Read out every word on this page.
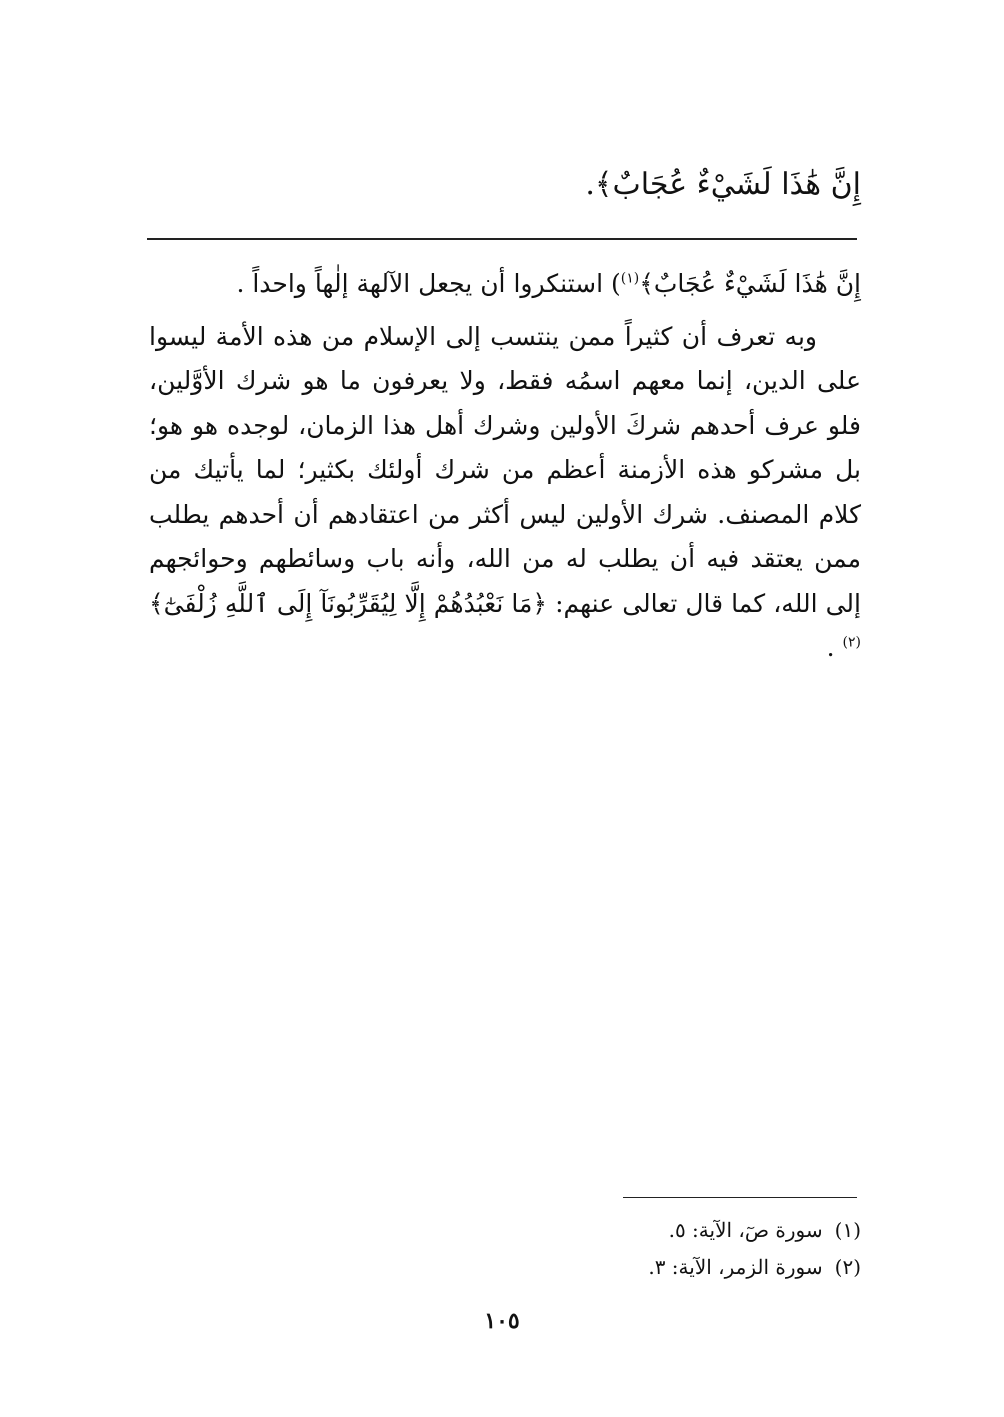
إِنَّ هَٰذَا لَشَيْءٌ عُجَابٌ﴾.

إِنَّ هَٰذَا لَشَيْءٌ عُجَابٌ﴾$^{(١)}$) استنكروا أن يجعل الآلهة إلٰهاً واحداً .

وبه تعرف أن كثيراً ممن ينتسب إلى الإسلام من هذه الأمة ليسوا على الدين، إنما معهم اسمُه فقط، ولا يعرفون ما هو شرك الأوَّلين، فلو عرف أحدهم شركَ الأولين وشرك أهل هذا الزمان، لوجده هو هو؛ بل مشركو هذه الأزمنة أعظم من شرك أولئك بكثير؛ لما يأتيك من كلام المصنف. شرك الأولين ليس أكثر من اعتقادهم أن أحدهم يطلب ممن يعتقد فيه أن يطلب له من الله، وأنه باب وسائطهم وحوائجهم إلى الله، كما قال تعالى عنهم: ﴿مَا نَعْبُدُهُمْ إِلَّا لِيُقَرِّبُونَآ إِلَى ٱللَّهِ زُلْفَىٰٓ﴾$^{(٢)}$ .

(١)سورة صٓ، الآية: ٥.
(٢)سورة الزمر، الآية: ٣.
١٠٥
